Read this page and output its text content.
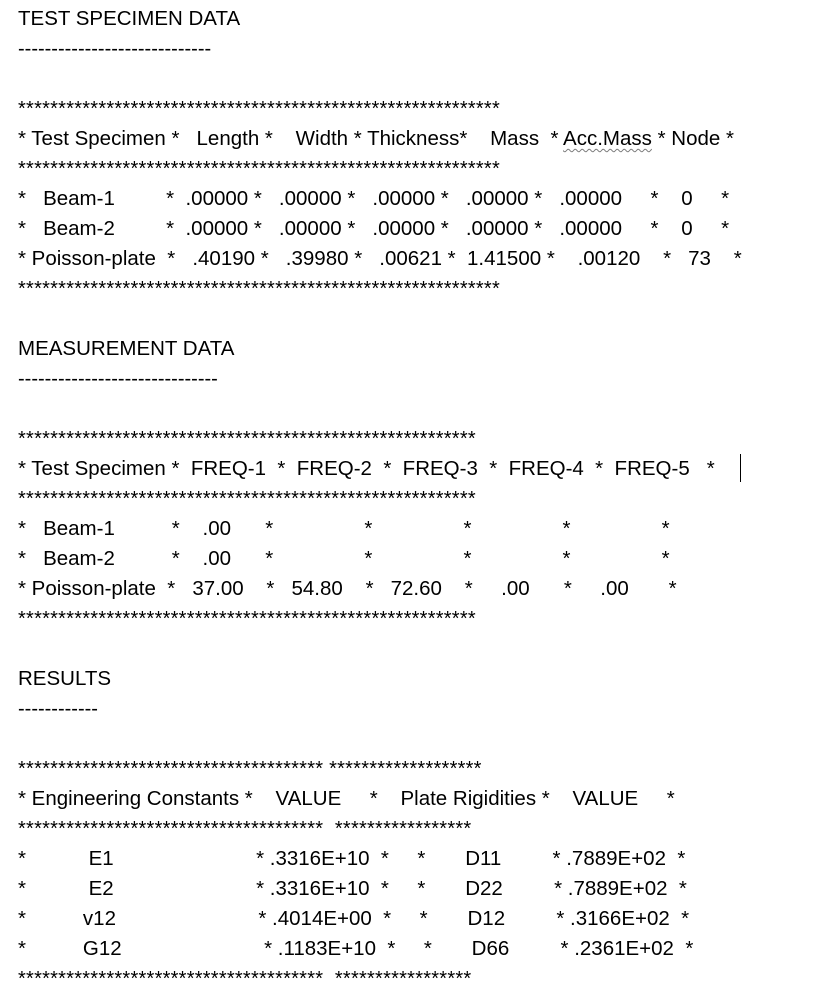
TEST SPECIMEN DATA
-----------------------------
************************************************************
* Test Specimen *   Length *    Width * Thickness*    Mass  * Acc.Mass * Node *
************************************************************
*   Beam-1         *  .00000 *   .00000 *   .00000 *   .00000 *   .00000     *    0     *
*   Beam-2         *  .00000 *   .00000 *   .00000 *   .00000 *   .00000     *    0     *
* Poisson-plate  *   .40190 *   .39980 *   .00621 *  1.41500 *    .00120    *   73    *
************************************************************
MEASUREMENT DATA
------------------------------
*********************************************************
* Test Specimen *  FREQ-1  *  FREQ-2  *  FREQ-3  *  FREQ-4  *  FREQ-5   *
*********************************************************
*   Beam-1          *    .00      *                *                *                *                *
*   Beam-2          *    .00      *                *                *                *                *
* Poisson-plate  *   37.00    *   54.80    *   72.60    *     .00      *     .00       *
*********************************************************
RESULTS
------------
************************************** *******************
* Engineering Constants *    VALUE     *    Plate Rigidities *    VALUE     *
**************************************  *****************
*           E1                         * .3316E+10  *     *       D11         * .7889E+02  *
*           E2                         * .3316E+10  *     *       D22         * .7889E+02  *
*          v12                         * .4014E+00  *     *       D12         * .3166E+02  *
*          G12                         * .1183E+10  *     *       D66         * .2361E+02  *
**************************************  *****************
